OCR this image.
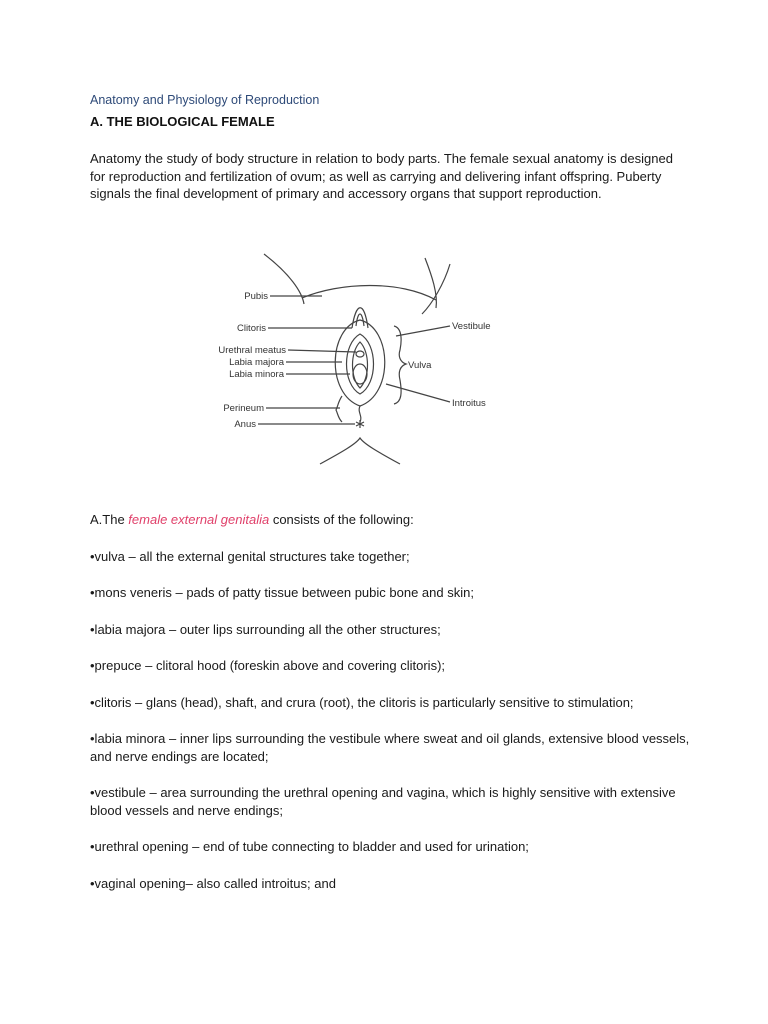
Anatomy and Physiology of Reproduction
A. THE BIOLOGICAL FEMALE

Anatomy the study of body structure in relation to body parts. The female sexual anatomy is designed for reproduction and fertilization of ovum; as well as carrying and delivering infant offspring. Puberty signals the final development of primary and accessory organs that support reproduction.

Pubis
Clitoris
Urethral meatus
Labia majora
Labia minora
Perineum
Anus
Vestibule
Vulva
Introitus

A.The female external genitalia consists of the following:

•vulva – all the external genital structures take together;
•mons veneris – pads of patty tissue between pubic bone and skin;
•labia majora – outer lips surrounding all the other structures;
•prepuce – clitoral hood (foreskin above and covering clitoris);
•clitoris – glans (head), shaft, and crura (root), the clitoris is particularly sensitive to stimulation;
•labia minora – inner lips surrounding the vestibule where sweat and oil glands, extensive blood vessels, and nerve endings are located;
•vestibule – area surrounding the urethral opening and vagina, which is highly sensitive with extensive blood vessels and nerve endings;
•urethral opening – end of tube connecting to bladder and used for urination;
•vaginal opening– also called introitus; and
